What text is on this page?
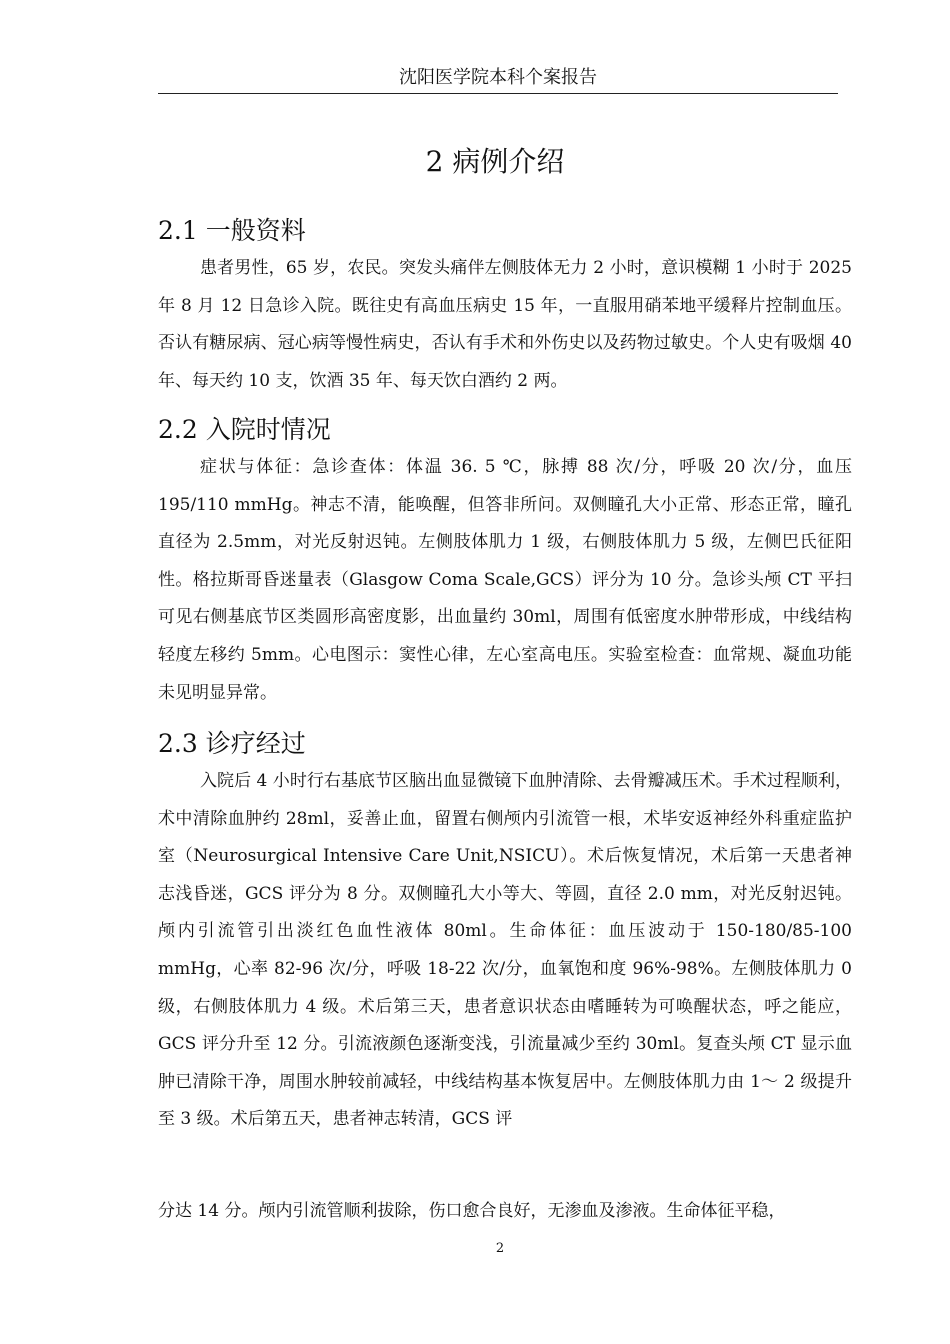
沈阳医学院本科个案报告
2 病例介绍
2.1 一般资料

患者男性，65 岁，农民。突发头痛伴左侧肢体无力 2 小时，意识模糊 1 小时于 2025 年 8 月 12 日急诊入院。既往史有高血压病史 15 年，一直服用硝苯地平缓释片控制血压。否认有糖尿病、冠心病等慢性病史，否认有手术和外伤史以及药物过敏史。个人史有吸烟 40 年、每天约 10 支，饮酒 35 年、每天饮白酒约 2 两。

2.2 入院时情况

症状与体征：急诊查体：体温 36. 5 ℃，脉搏 88 次/分，呼吸 20 次/分，血压 195/110 mmHg。神志不清，能唤醒，但答非所问。双侧瞳孔大小正常、形态正常，瞳孔直径为 2.5mm，对光反射迟钝。左侧肢体肌力 1 级，右侧肢体肌力 5 级，左侧巴氏征阳性。格拉斯哥昏迷量表（Glasgow Coma Scale,GCS）评分为 10 分。急诊头颅 CT 平扫可见右侧基底节区类圆形高密度影，出血量约 30ml，周围有低密度水肿带形成，中线结构轻度左移约 5mm。心电图示：窦性心律，左心室高电压。实验室检查：血常规、凝血功能未见明显异常。

2.3 诊疗经过

入院后 4 小时行右基底节区脑出血显微镜下血肿清除、去骨瓣减压术。手术过程顺利，术中清除血肿约 28ml，妥善止血，留置右侧颅内引流管一根，术毕安返神经外科重症监护室（Neurosurgical Intensive Care Unit,NSICU）。术后恢复情况，术后第一天患者神志浅昏迷，GCS 评分为 8 分。双侧瞳孔大小等大、等圆，直径 2.0 mm，对光反射迟钝。颅内引流管引出淡红色血性液体 80ml。生命体征：血压波动于 150-180/85-100 mmHg，心率 82-96 次/分，呼吸 18-22 次/分，血氧饱和度 96%-98%。左侧肢体肌力 0 级，右侧肢体肌力 4 级。术后第三天，患者意识状态由嗜睡转为可唤醒状态，呼之能应，GCS 评分升至 12 分。引流液颜色逐渐变浅，引流量减少至约 30ml。复查头颅 CT 显示血肿已清除干净，周围水肿较前减轻，中线结构基本恢复居中。左侧肢体肌力由 1～ 2 级提升至 3 级。术后第五天，患者神志转清，GCS 评

分达 14 分。颅内引流管顺利拔除，伤口愈合良好，无渗血及渗液。生命体征平稳，

2
